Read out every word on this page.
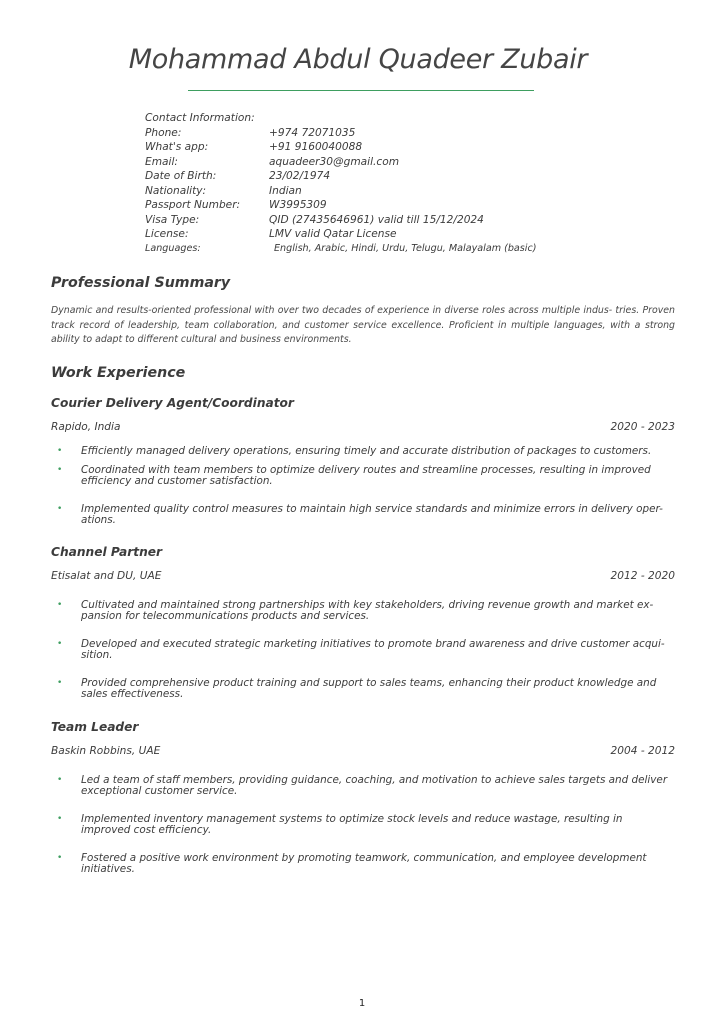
Mohammad Abdul Quadeer Zubair
Contact Information:
Phone:	+974 72071035
What's app:	+91 9160040088
Email:	aquadeer30@gmail.com
Date of Birth:	23/02/1974
Nationality:	Indian
Passport Number:	W3995309
Visa Type:	QID (27435646961) valid till 15/12/2024
License:	LMV valid Qatar License
Languages:	English, Arabic, Hindi, Urdu, Telugu, Malayalam (basic)
Professional Summary
Dynamic and results-oriented professional with over two decades of experience in diverse roles across multiple indus- tries. Proven track record of leadership, team collaboration, and customer service excellence. Proficient in multiple languages, with a strong ability to adapt to different cultural and business environments.
Work Experience
Courier Delivery Agent/Coordinator
Rapido, India	2020 - 2023
• Efficiently managed delivery operations, ensuring timely and accurate distribution of packages to customers.
• Coordinated with team members to optimize delivery routes and streamline processes, resulting in improved efficiency and customer satisfaction.
• Implemented quality control measures to maintain high service standards and minimize errors in delivery oper- ations.
Channel Partner
Etisalat and DU, UAE	2012 - 2020
• Cultivated and maintained strong partnerships with key stakeholders, driving revenue growth and market ex- pansion for telecommunications products and services.
• Developed and executed strategic marketing initiatives to promote brand awareness and drive customer acqui- sition.
• Provided comprehensive product training and support to sales teams, enhancing their product knowledge and sales effectiveness.
Team Leader
Baskin Robbins, UAE	2004 - 2012
• Led a team of staff members, providing guidance, coaching, and motivation to achieve sales targets and deliver exceptional customer service.
• Implemented inventory management systems to optimize stock levels and reduce wastage, resulting in improved cost efficiency.
• Fostered a positive work environment by promoting teamwork, communication, and employee development initiatives.
1
